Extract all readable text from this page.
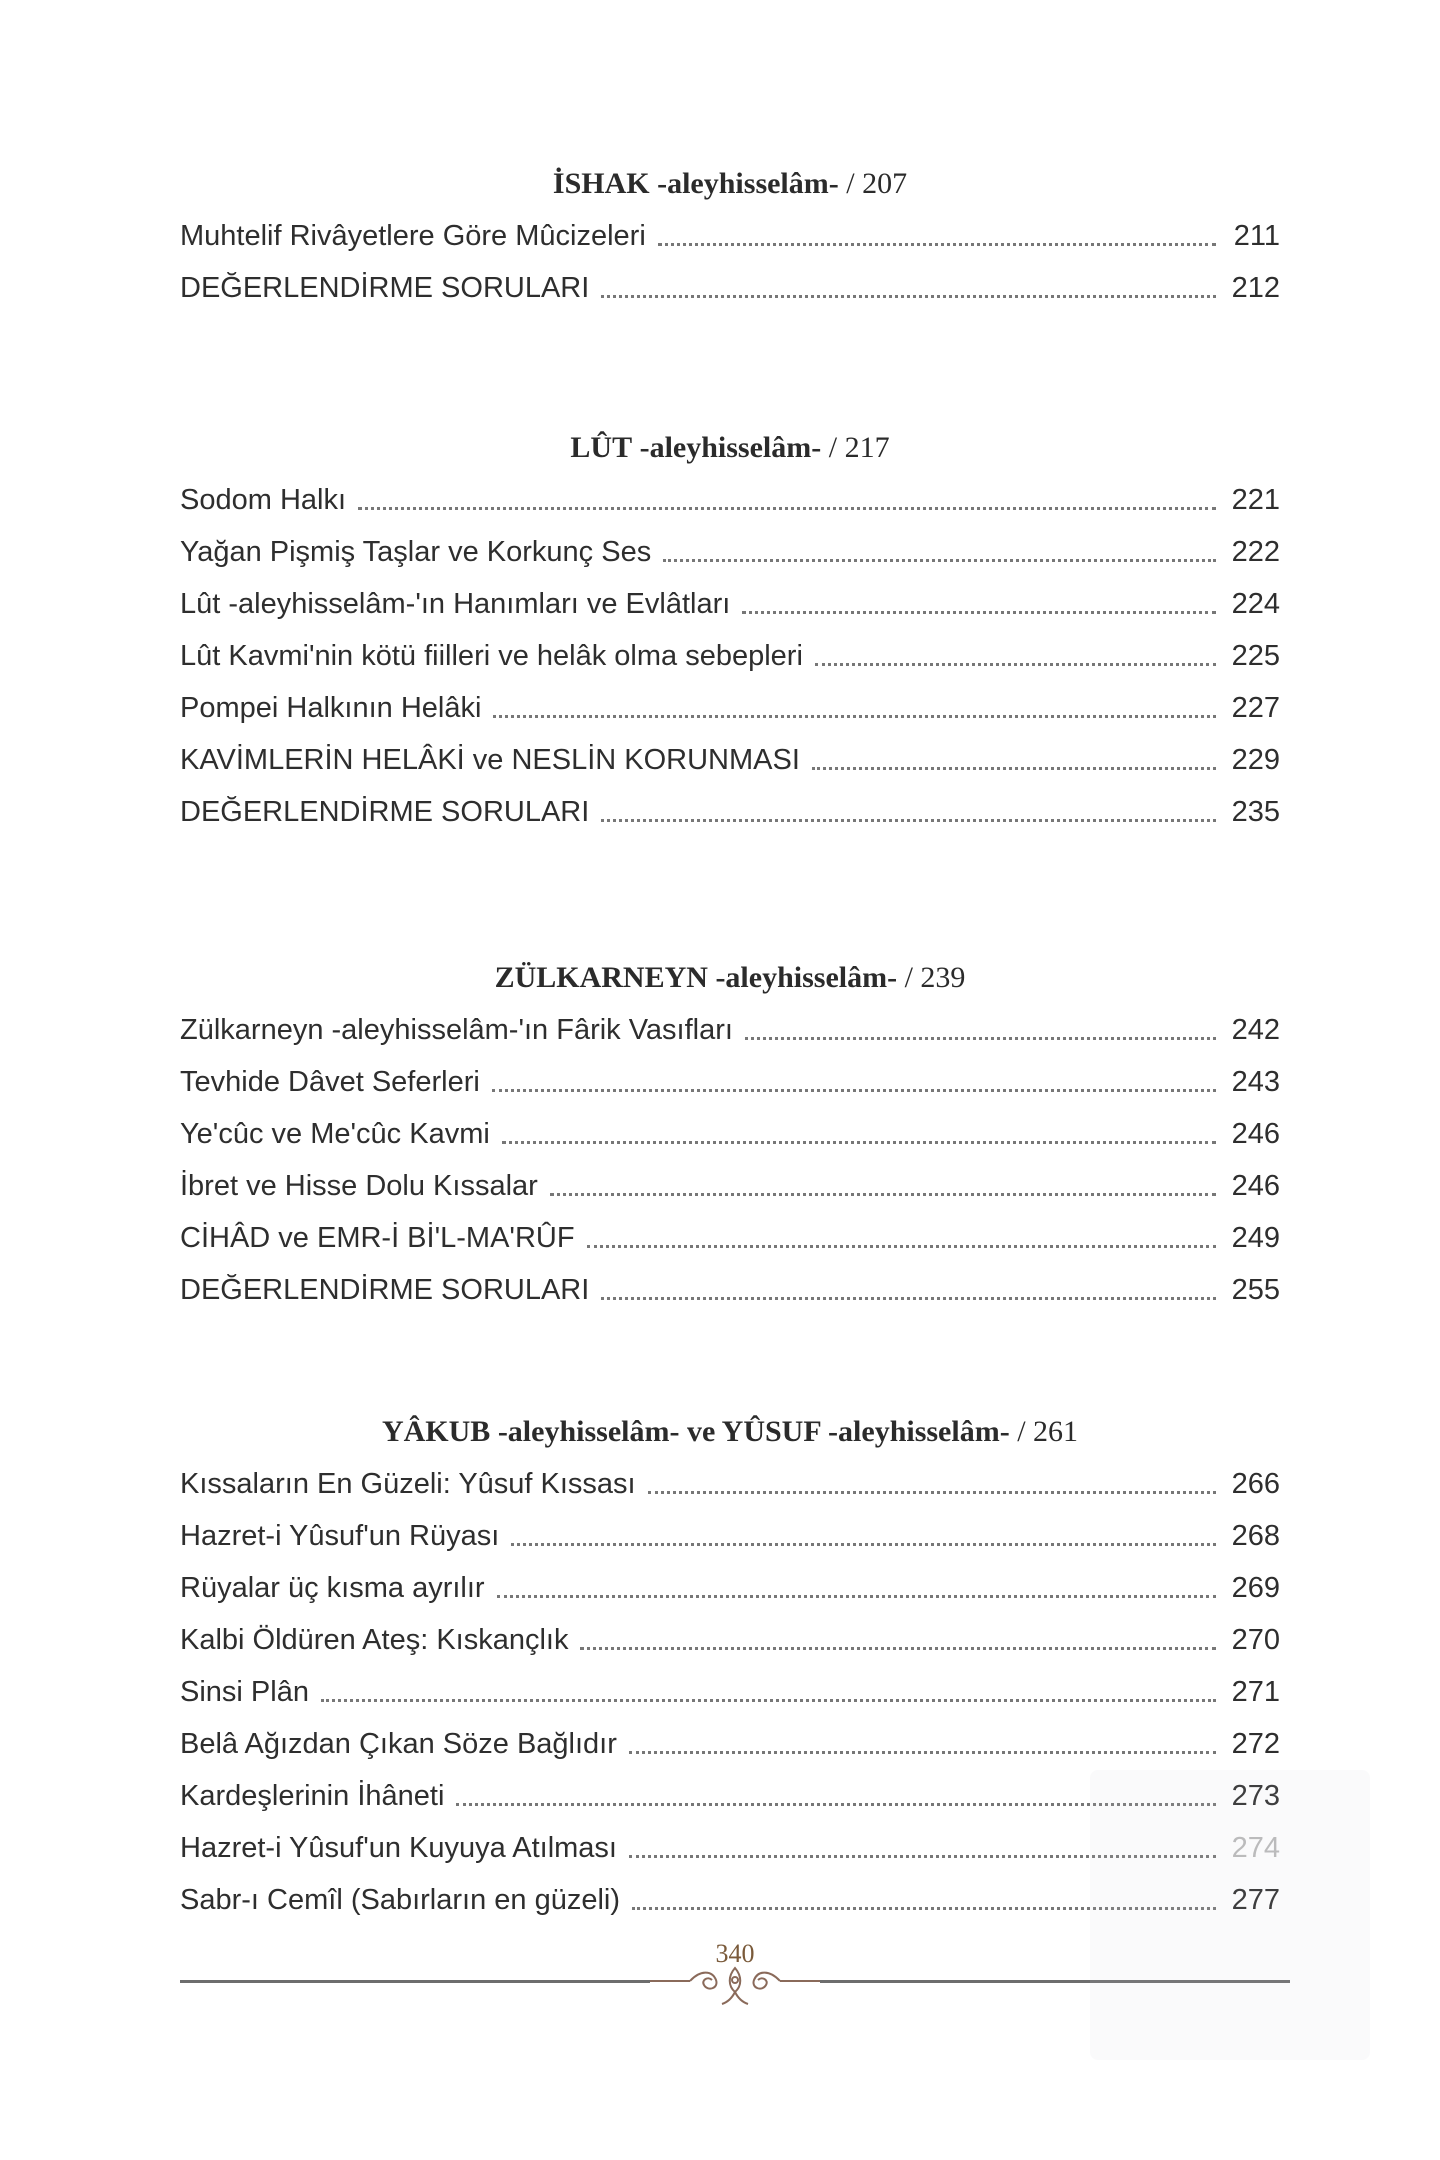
İSHAK -aleyhisselâm- / 207
Muhtelif Rivâyetlere Göre Mûcizeleri	211
DEĞERLENDİRME SORULARI	212
LÛT -aleyhisselâm- / 217
Sodom Halkı	221
Yağan Pişmiş Taşlar ve Korkunç Ses	222
Lût -aleyhisselâm-'ın Hanımları ve Evlâtları	224
Lût Kavmi'nin kötü fiilleri ve helâk olma sebepleri	225
Pompei Halkının Helâki	227
KAVİMLERİN HELÂKİ ve NESLİN KORUNMASI	229
DEĞERLENDİRME SORULARI	235
ZÜLKARNEYN -aleyhisselâm- / 239
Zülkarneyn -aleyhisselâm-'ın Fârik Vasıfları	242
Tevhide Dâvet Seferleri	243
Ye'cûc ve Me'cûc Kavmi	246
İbret ve Hisse Dolu Kıssalar	246
CİHÂD ve EMR-İ Bİ'L-MA'RÛF	249
DEĞERLENDİRME SORULARI	255
YÂKUB -aleyhisselâm- ve YÛSUF -aleyhisselâm- / 261
Kıssaların En Güzeli: Yûsuf Kıssası	266
Hazret-i Yûsuf'un Rüyası	268
Rüyalar üç kısma ayrılır	269
Kalbi Öldüren Ateş: Kıskançlık	270
Sinsi Plân	271
Belâ Ağızdan Çıkan Söze Bağlıdır	272
Kardeşlerinin İhâneti	273
Hazret-i Yûsuf'un Kuyuya Atılması	274
Sabr-ı Cemîl (Sabırların en güzeli)	277
340
